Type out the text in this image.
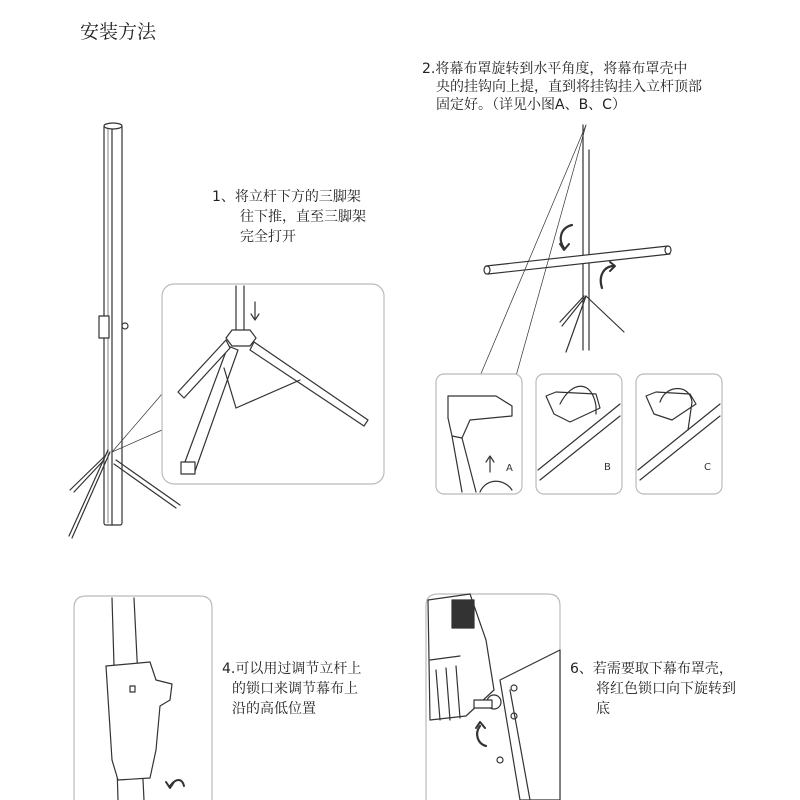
安装方法
1、将立杆下方的三脚架
往下推，直至三脚架
完全打开
2.将幕布罩旋转到水平角度，将幕布罩壳中
央的挂钩向上提，直到将挂钩挂入立杆顶部
固定好。（详见小图A、B、C）
4.可以用过调节立杆上
的锁口来调节幕布上
沿的高低位置
6、若需要取下幕布罩壳，
将红色锁口向下旋转到
底
A	B	C
